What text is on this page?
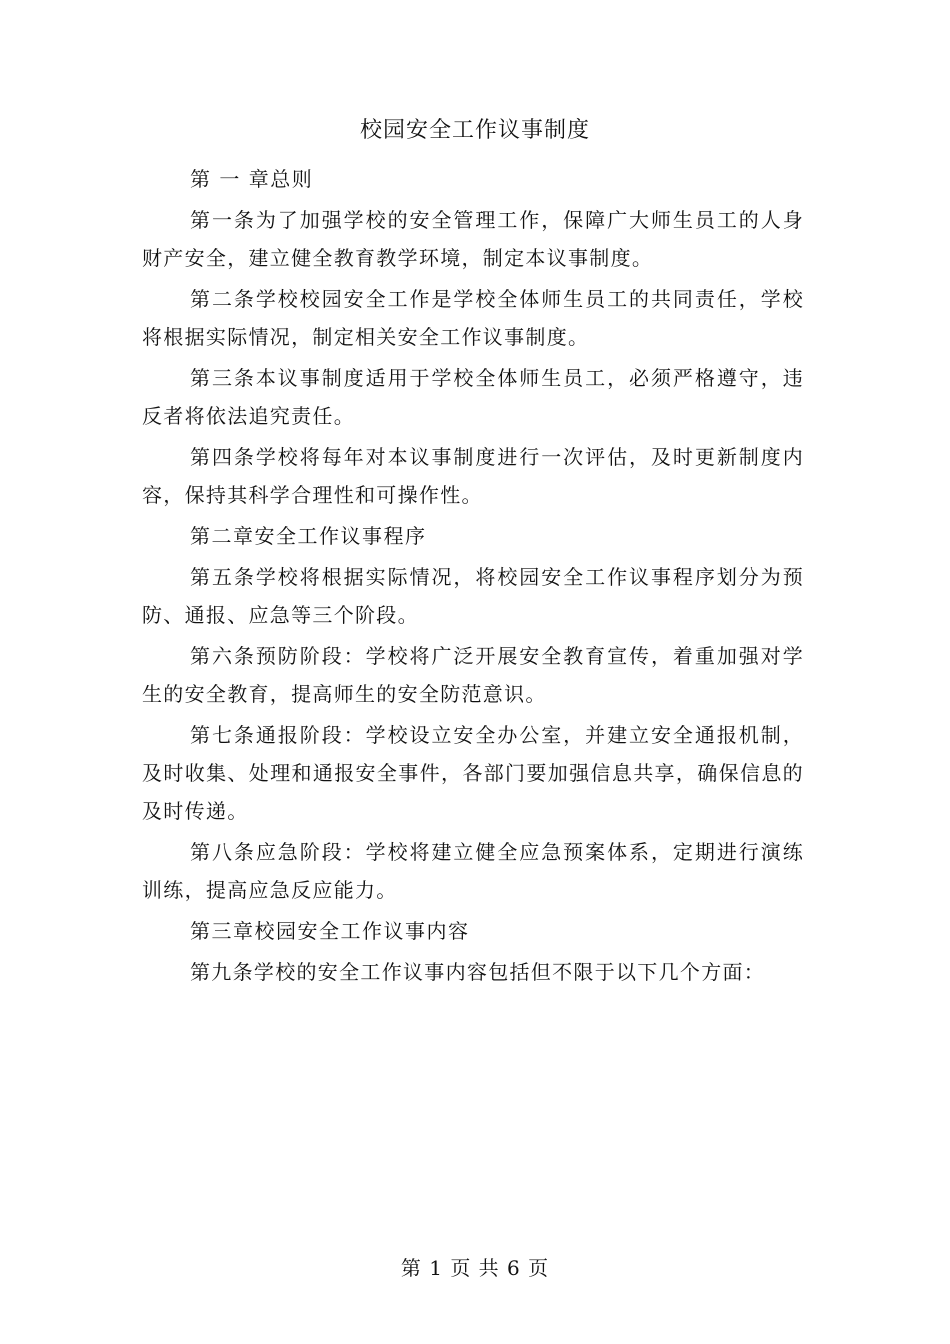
校园安全工作议事制度

第 一 章总则

第一条为了加强学校的安全管理工作，保障广大师生员工的人身财产安全，建立健全教育教学环境，制定本议事制度。

第二条学校校园安全工作是学校全体师生员工的共同责任，学校将根据实际情况，制定相关安全工作议事制度。

第三条本议事制度适用于学校全体师生员工，必须严格遵守，违反者将依法追究责任。

第四条学校将每年对本议事制度进行一次评估，及时更新制度内容，保持其科学合理性和可操作性。

第二章安全工作议事程序

第五条学校将根据实际情况，将校园安全工作议事程序划分为预防、通报、应急等三个阶段。

第六条预防阶段：学校将广泛开展安全教育宣传，着重加强对学生的安全教育，提高师生的安全防范意识。

第七条通报阶段：学校设立安全办公室，并建立安全通报机制，及时收集、处理和通报安全事件，各部门要加强信息共享，确保信息的及时传递。

第八条应急阶段：学校将建立健全应急预案体系，定期进行演练训练，提高应急反应能力。

第三章校园安全工作议事内容

第九条学校的安全工作议事内容包括但不限于以下几个方面：

第 1 页 共 6 页
